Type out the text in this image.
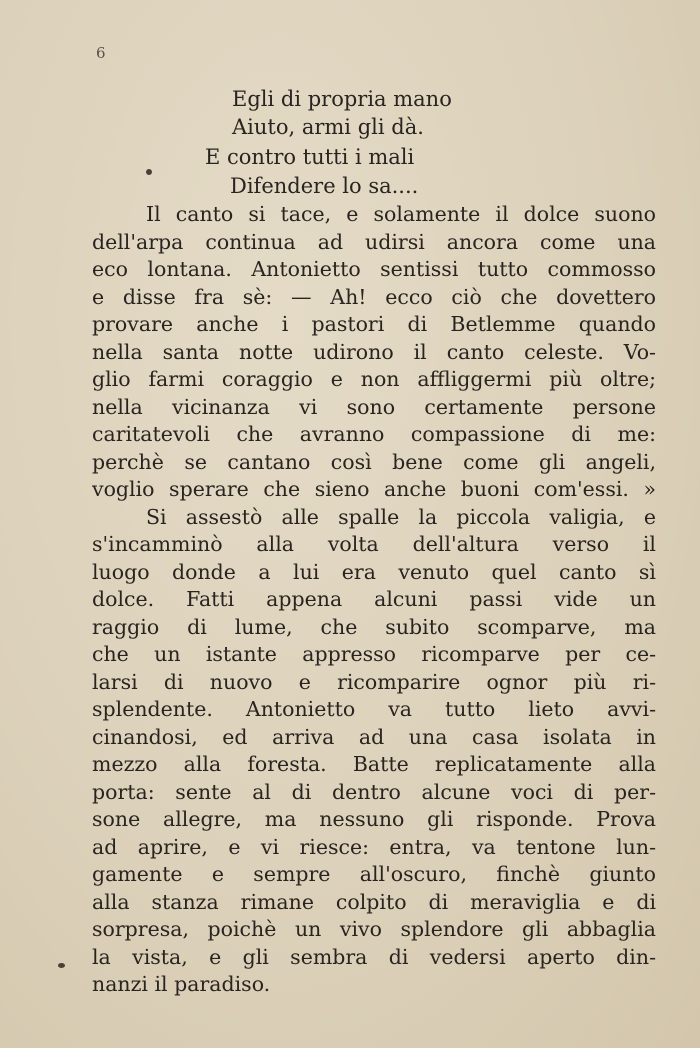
6
Egli di propria mano
Aiuto, armi gli dà.
E contro tutti i mali
Difendere lo sa....
Il canto si tace, e solamente il dolce suono
dell'arpa continua ad udirsi ancora come una
eco lontana. Antonietto sentissi tutto commosso
e disse fra sè: — Ah! ecco ciò che dovettero
provare anche i pastori di Betlemme quando
nella santa notte udirono il canto celeste. Vo-
glio farmi coraggio e non affliggermi più oltre;
nella vicinanza vi sono certamente persone
caritatevoli che avranno compassione di me:
perchè se cantano così bene come gli angeli,
voglio sperare che sieno anche buoni com'essi. »
Si assestò alle spalle la piccola valigia, e
s'incamminò alla volta dell'altura verso il
luogo donde a lui era venuto quel canto sì
dolce. Fatti appena alcuni passi vide un
raggio di lume, che subito scomparve, ma
che un istante appresso ricomparve per ce-
larsi di nuovo e ricomparire ognor più ri-
splendente. Antonietto va tutto lieto avvi-
cinandosi, ed arriva ad una casa isolata in
mezzo alla foresta. Batte replicatamente alla
porta: sente al di dentro alcune voci di per-
sone allegre, ma nessuno gli risponde. Prova
ad aprire, e vi riesce: entra, va tentone lun-
gamente e sempre all'oscuro, finchè giunto
alla stanza rimane colpito di meraviglia e di
sorpresa, poichè un vivo splendore gli abbaglia
la vista, e gli sembra di vedersi aperto din-
nanzi il paradiso.
